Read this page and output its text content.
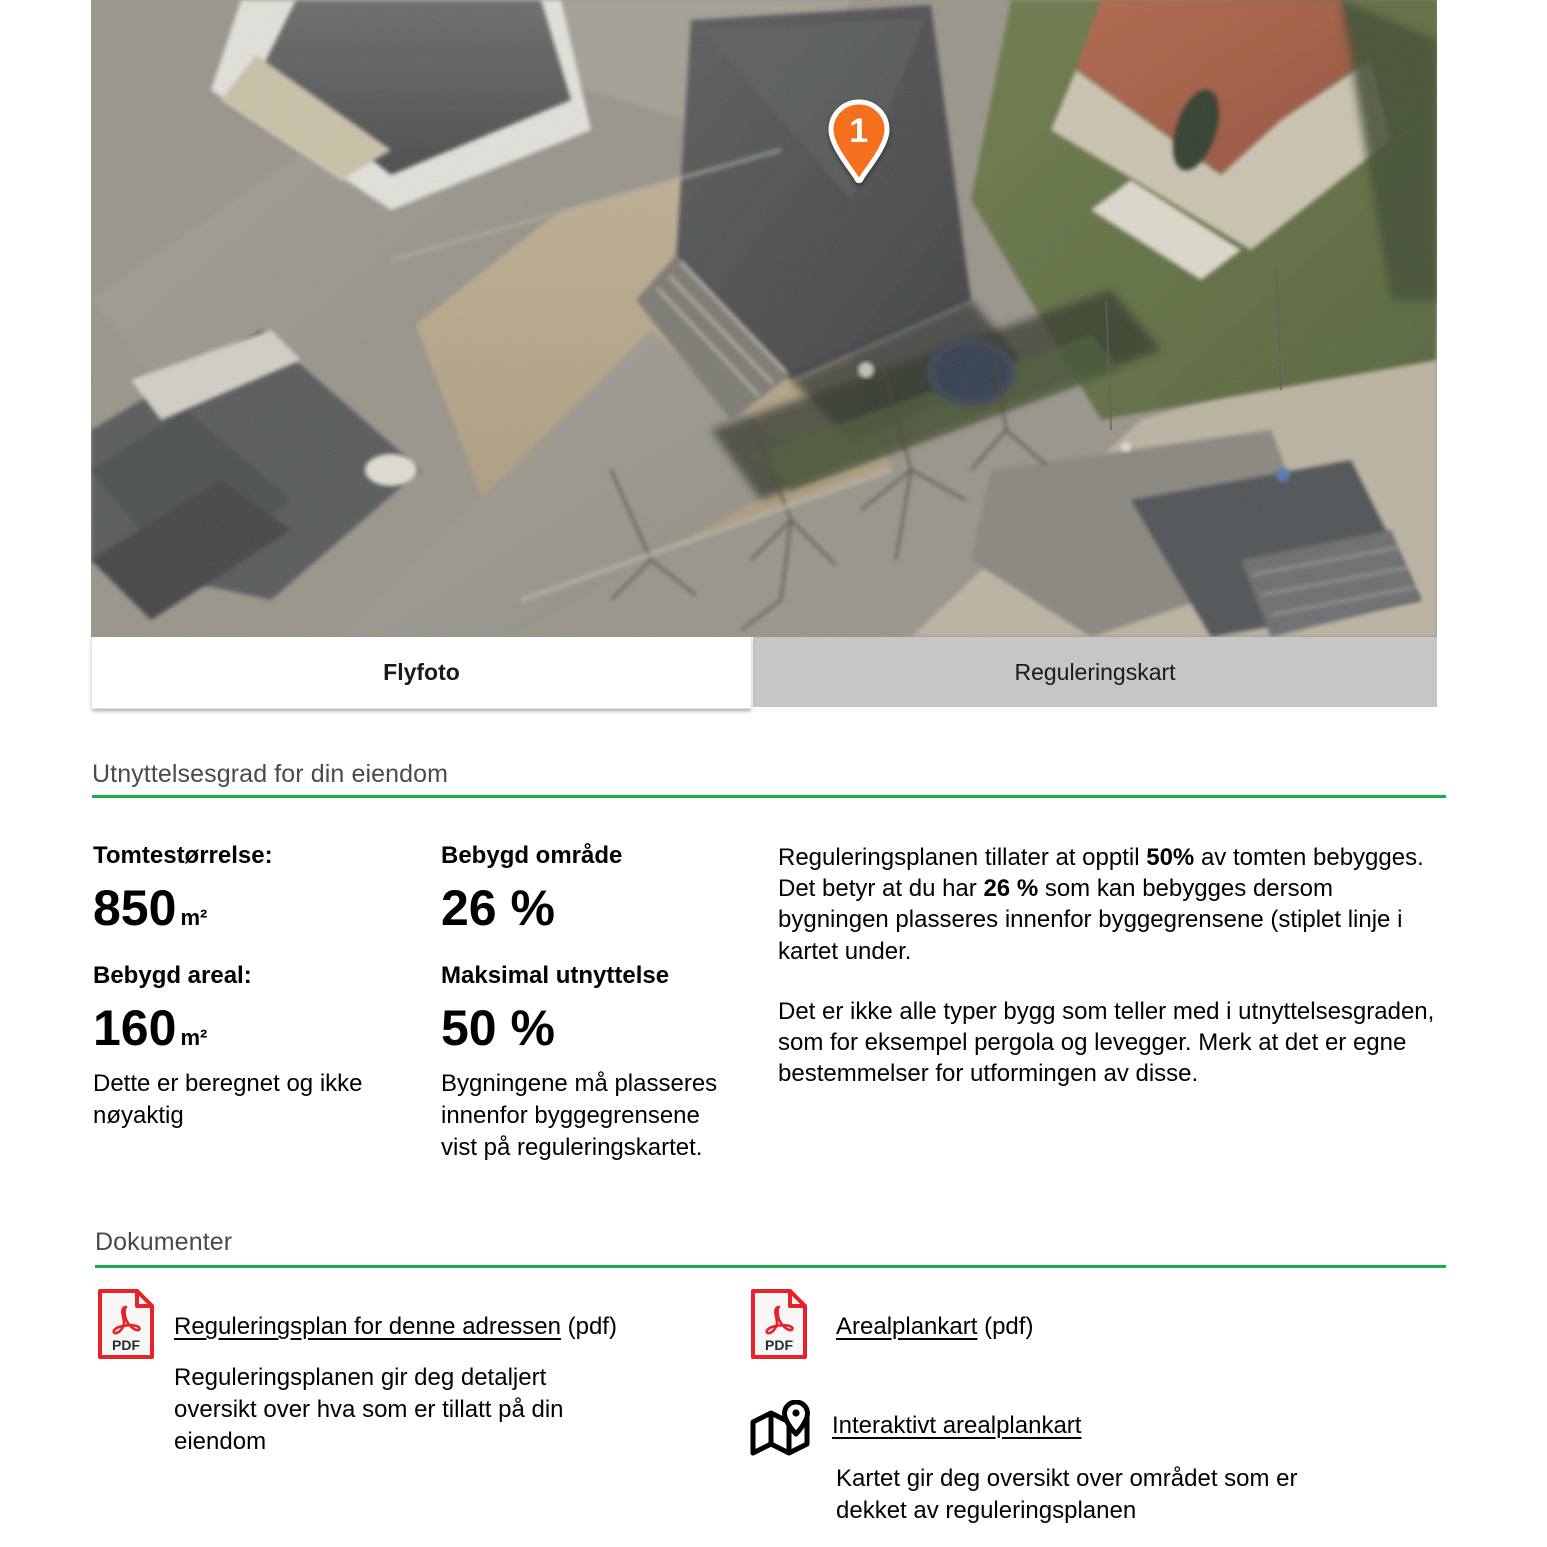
1
Flyfoto	Reguleringskart
Utnyttelsesgrad for din eiendom
Tomtestørrelse:
850 m²
Bebygd areal:
160 m²
Dette er beregnet og ikke nøyaktig
Bebygd område
26 %
Maksimal utnyttelse
50 %
Bygningene må plasseres innenfor byggegrensene vist på reguleringskartet.
Reguleringsplanen tillater at opptil 50% av tomten bebygges. Det betyr at du har 26 % som kan bebygges dersom bygningen plasseres innenfor byggegrensene (stiplet linje i kartet under.
Det er ikke alle typer bygg som teller med i utnyttelsesgraden, som for eksempel pergola og levegger. Merk at det er egne bestemmelser for utformingen av disse.
Dokumenter
PDF
Reguleringsplan for denne adressen (pdf)
Reguleringsplanen gir deg detaljert oversikt over hva som er tillatt på din eiendom
PDF
Arealplankart (pdf)
Interaktivt arealplankart
Kartet gir deg oversikt over området som er dekket av reguleringsplanen
